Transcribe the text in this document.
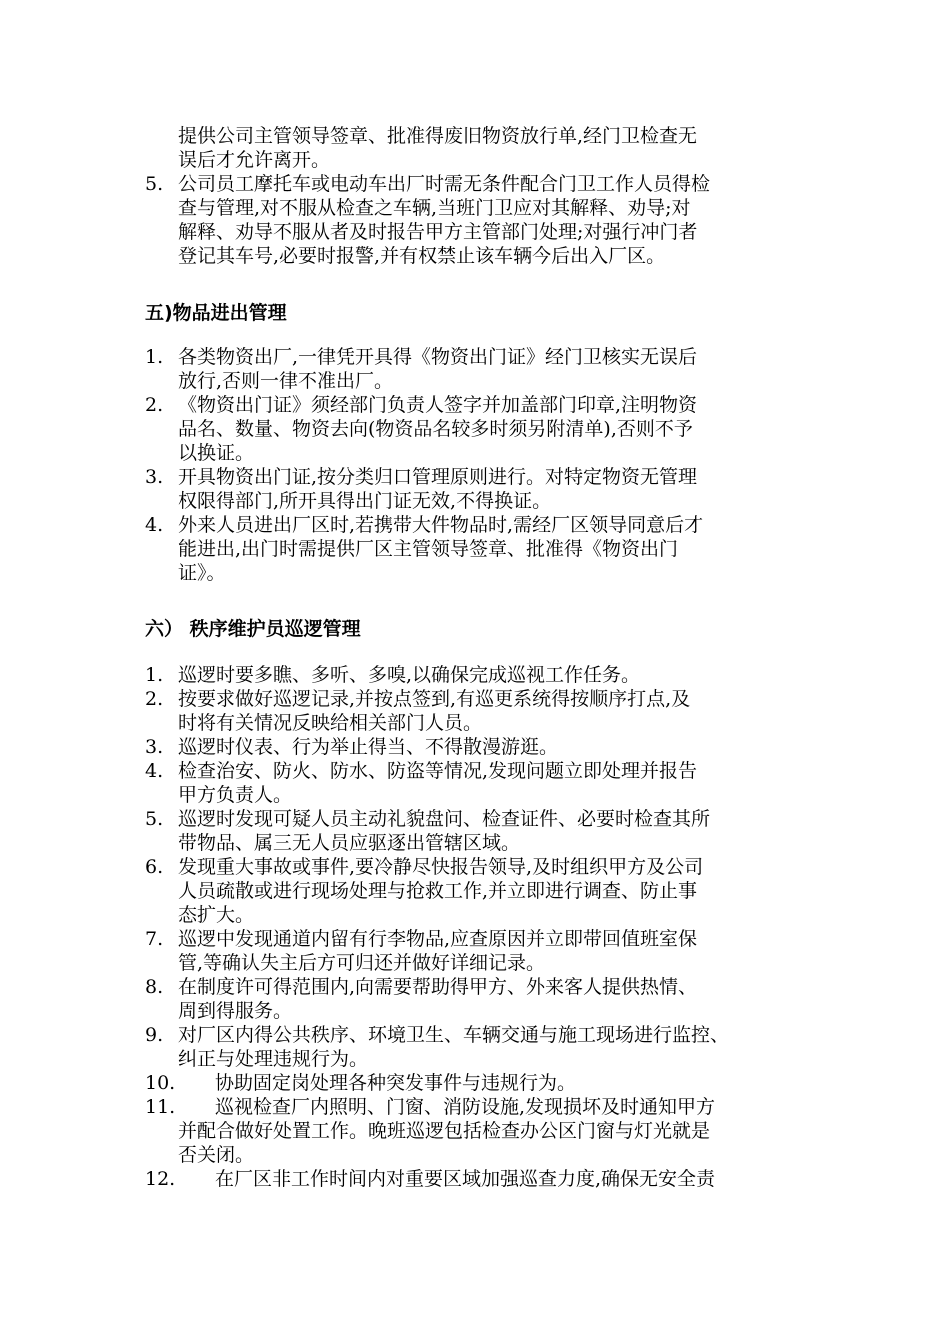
提供公司主管领导签章、批准得废旧物资放行单,经门卫检查无
误后才允许离开。
5. 公司员工摩托车或电动车出厂时需无条件配合门卫工作人员得检
查与管理,对不服从检查之车辆,当班门卫应对其解释、劝导;对
解释、劝导不服从者及时报告甲方主管部门处理;对强行冲门者
登记其车号,必要时报警,并有权禁止该车辆今后出入厂区。
五)物品进出管理
1. 各类物资出厂,一律凭开具得《物资出门证》经门卫核实无误后
放行,否则一律不准出厂。
2. 《物资出门证》须经部门负责人签字并加盖部门印章,注明物资
品名、数量、物资去向(物资品名较多时须另附清单),否则不予
以换证。
3. 开具物资出门证,按分类归口管理原则进行。对特定物资无管理
权限得部门,所开具得出门证无效,不得换证。
4. 外来人员进出厂区时,若携带大件物品时,需经厂区领导同意后才
能进出,出门时需提供厂区主管领导签章、批准得《物资出门
证》。
六） 秩序维护员巡逻管理
1. 巡逻时要多瞧、多听、多嗅,以确保完成巡视工作任务。
2. 按要求做好巡逻记录,并按点签到,有巡更系统得按顺序打点,及
时将有关情况反映给相关部门人员。
3. 巡逻时仪表、行为举止得当、不得散漫游逛。
4. 检查治安、防火、防水、防盗等情况,发现问题立即处理并报告
甲方负责人。
5. 巡逻时发现可疑人员主动礼貌盘问、检查证件、必要时检查其所
带物品、属三无人员应驱逐出管辖区域。
6. 发现重大事故或事件,要冷静尽快报告领导,及时组织甲方及公司
人员疏散或进行现场处理与抢救工作,并立即进行调查、防止事
态扩大。
7. 巡逻中发现通道内留有行李物品,应查原因并立即带回值班室保
管,等确认失主后方可归还并做好详细记录。
8. 在制度许可得范围内,向需要帮助得甲方、外来客人提供热情、
周到得服务。
9. 对厂区内得公共秩序、环境卫生、车辆交通与施工现场进行监控、
纠正与处理违规行为。
10.	协助固定岗处理各种突发事件与违规行为。
11.	巡视检查厂内照明、门窗、消防设施,发现损坏及时通知甲方
并配合做好处置工作。晚班巡逻包括检查办公区门窗与灯光就是
否关闭。
12.	在厂区非工作时间内对重要区域加强巡查力度,确保无安全责
